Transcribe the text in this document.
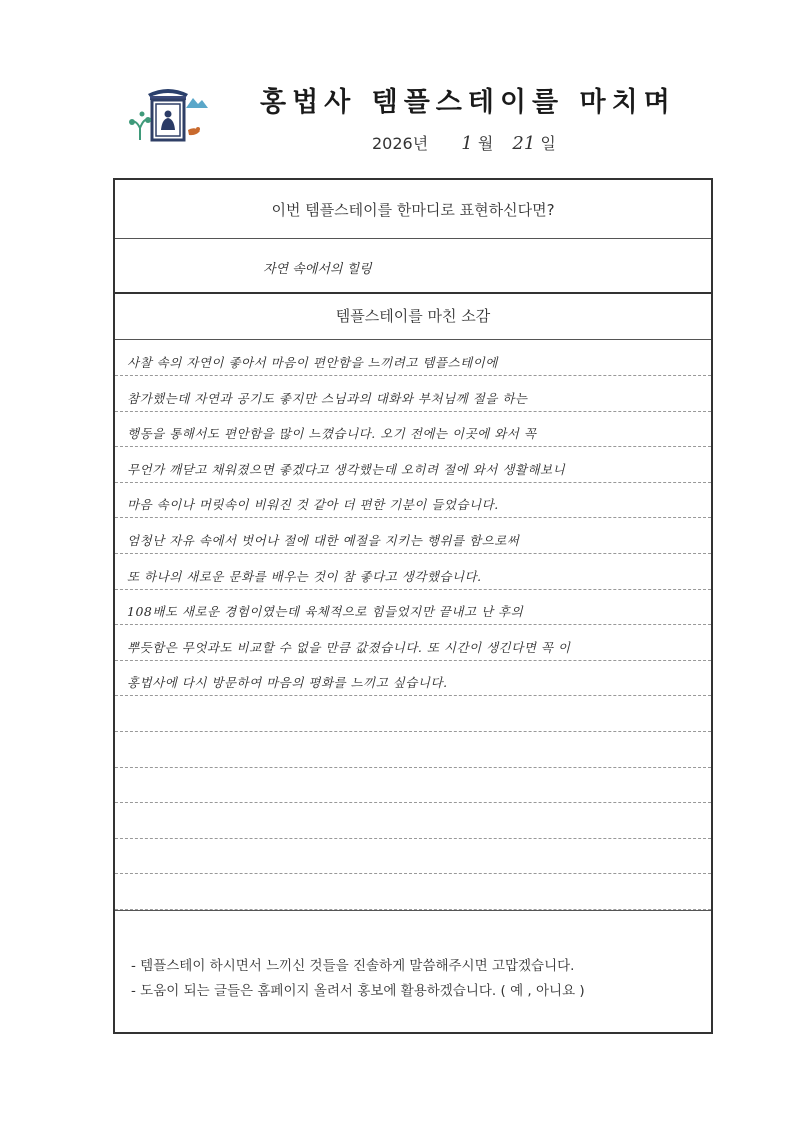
홍법사 템플스테이를 마치며
2026년 1 월 21 일
이번 템플스테이를 한마디로 표현하신다면?
자연 속에서의 힐링
템플스테이를 마친 소감
사찰 속의 자연이 좋아서 마음이 편안함을 느끼려고 템플스테이에
참가했는데 자연과 공기도 좋지만 스님과의 대화와 부처님께 절을 하는
행동을 통해서도 편안함을 많이 느꼈습니다. 오기 전에는 이곳에 와서 꼭
무언가 깨닫고 채워졌으면 좋겠다고 생각했는데 오히려 절에 와서 생활해보니
마음 속이나 머릿속이 비워진 것 같아 더 편한 기분이 들었습니다.
엄청난 자유 속에서 벗어나 절에 대한 예절을 지키는 행위를 함으로써
또 하나의 새로운 문화를 배우는 것이 참 좋다고 생각했습니다.
108배도 새로운 경험이였는데 육체적으로 힘들었지만 끝내고 난 후의
뿌듯함은 무엇과도 비교할 수 없을 만큼 값졌습니다. 또 시간이 생긴다면 꼭 이
홍법사에 다시 방문하여 마음의 평화를 느끼고 싶습니다.
- 템플스테이 하시면서 느끼신 것들을 진솔하게 말씀해주시면 고맙겠습니다.
- 도움이 되는 글들은 홈페이지 올려서 홍보에 활용하겠습니다. ( 예 , 아니요 )
